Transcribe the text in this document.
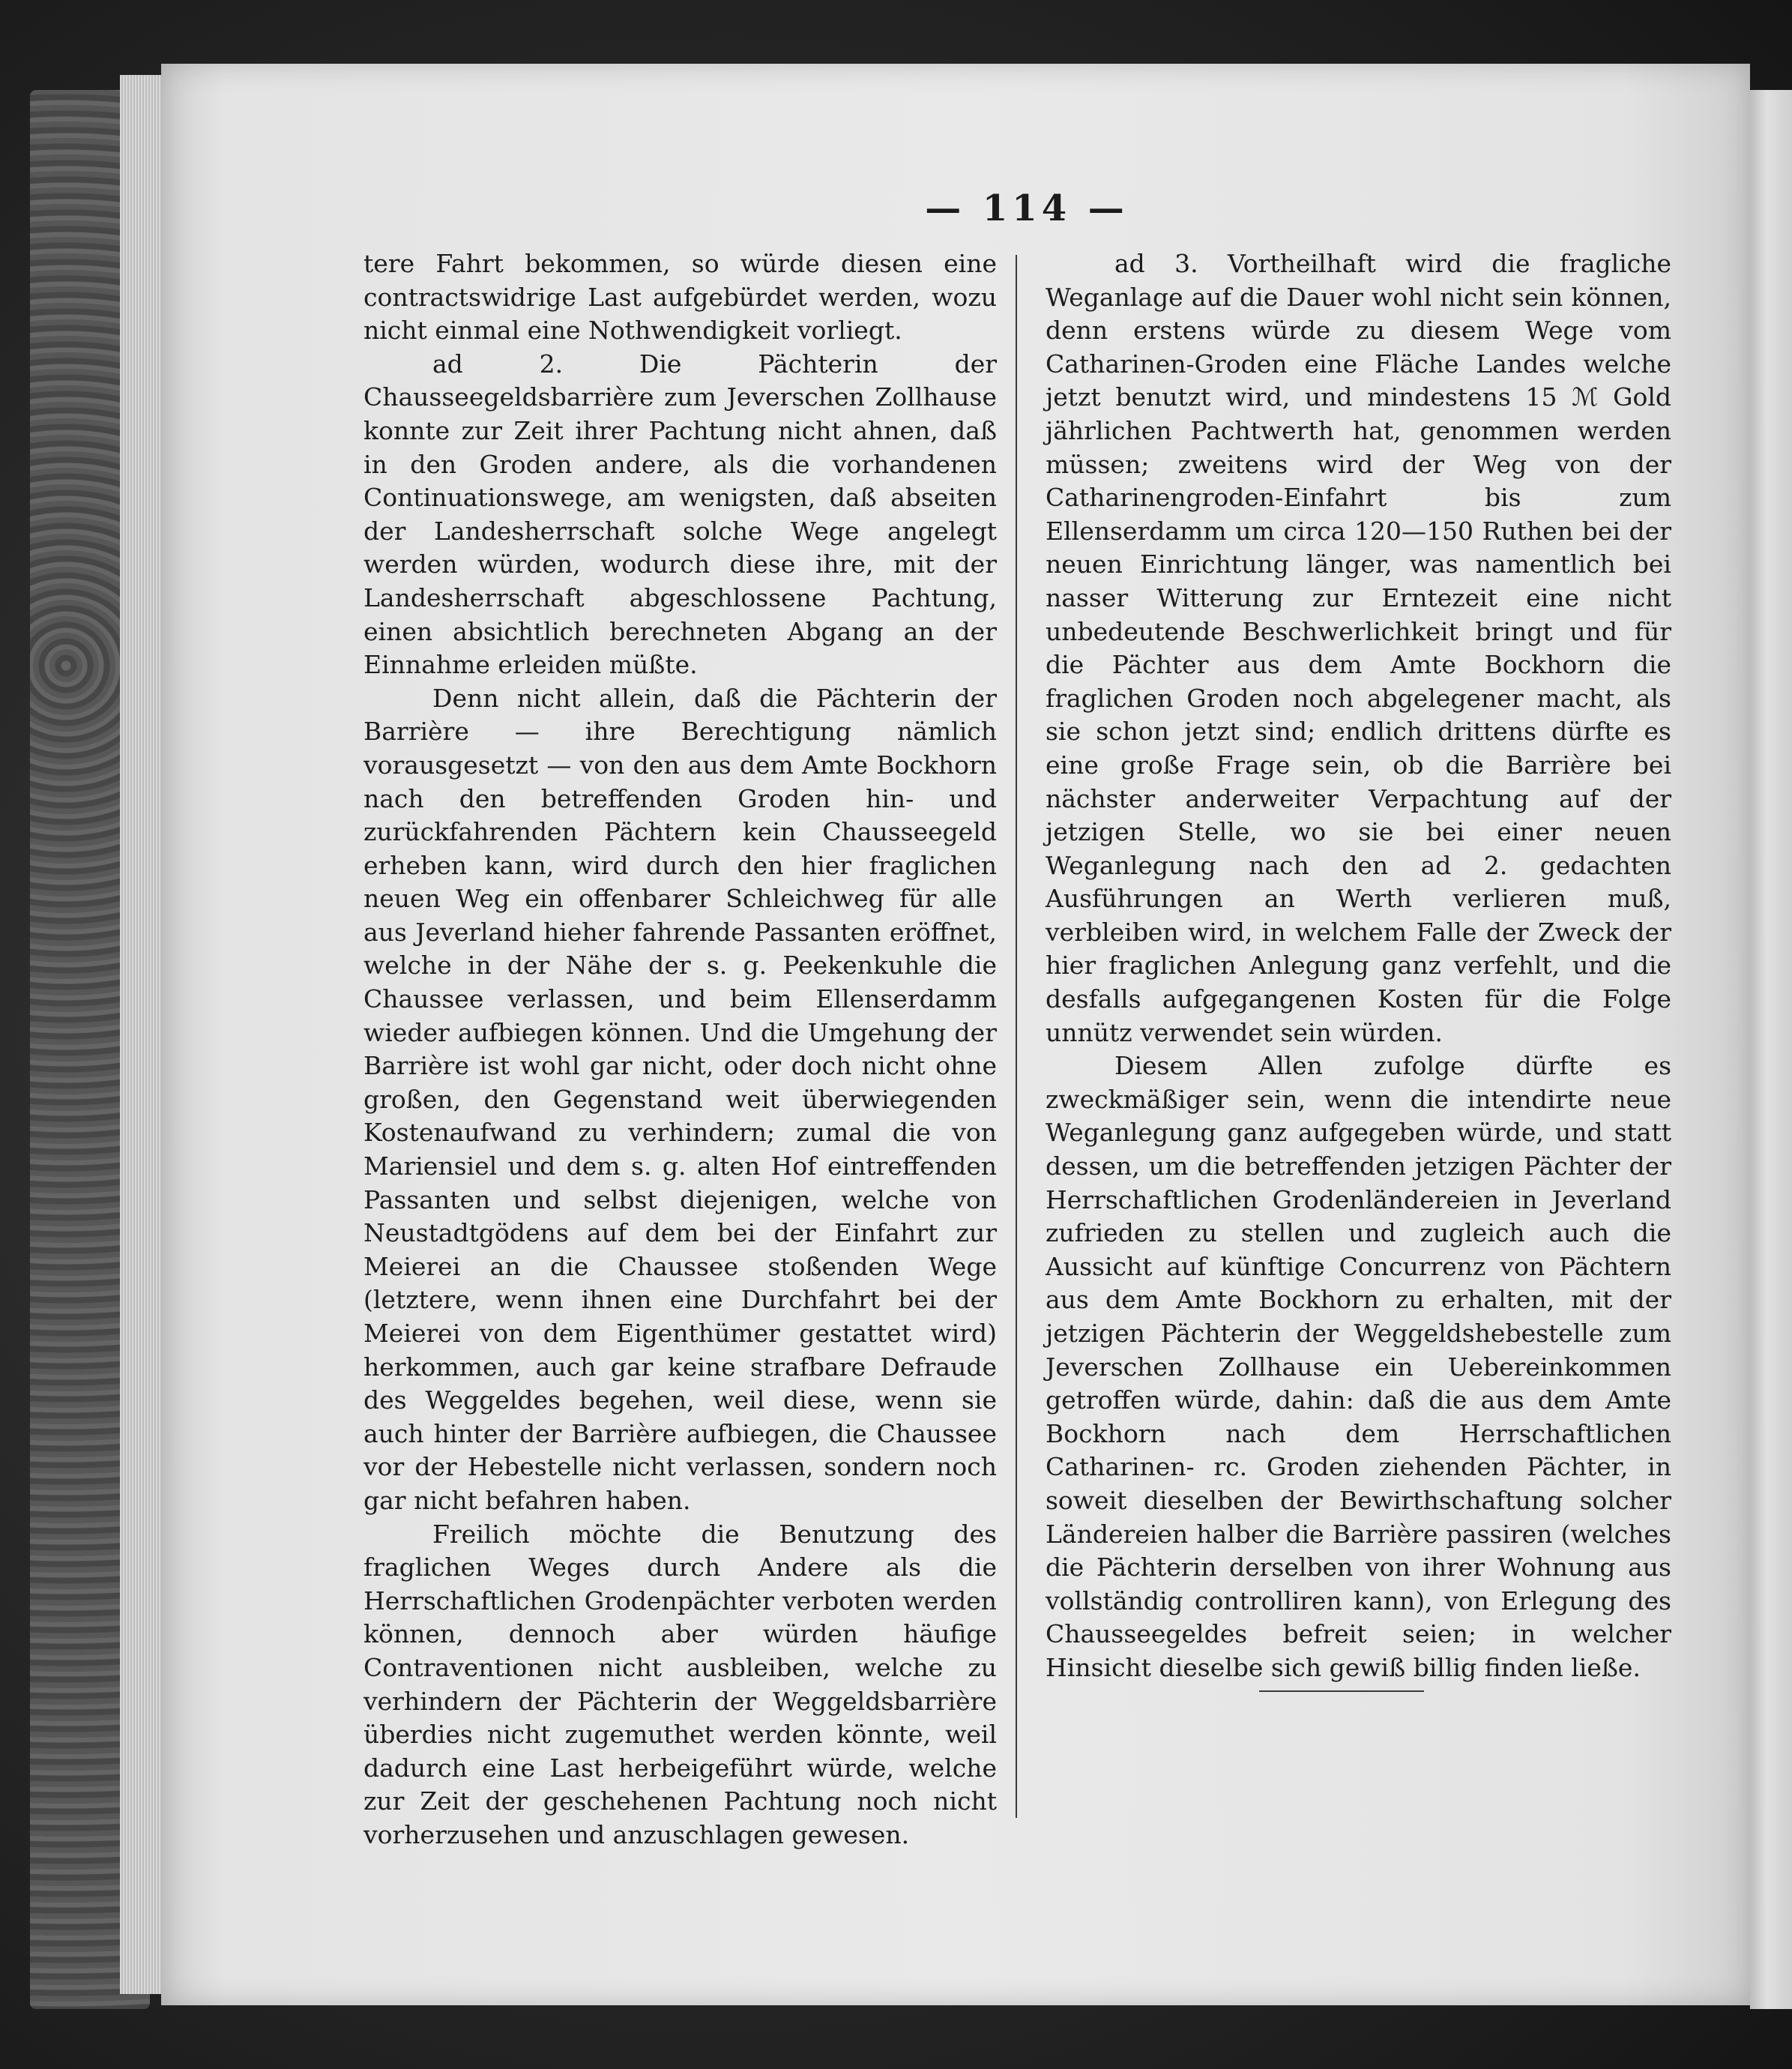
— 114 —

tere Fahrt bekommen, so würde diesen eine contractswidrige Last aufgebürdet werden, wozu nicht einmal eine Nothwendigkeit vorliegt.

ad 2. Die Pächterin der Chausseegeldsbarrière zum Jeverschen Zollhause konnte zur Zeit ihrer Pachtung nicht ahnen, daß in den Groden andere, als die vorhandenen Continuationswege, am wenigsten, daß abseiten der Landesherrschaft solche Wege angelegt werden würden, wodurch diese ihre, mit der Landesherrschaft abgeschlossene Pachtung, einen absichtlich berechneten Abgang an der Einnahme erleiden müßte.

Denn nicht allein, daß die Pächterin der Barrière — ihre Berechtigung nämlich vorausgesetzt — von den aus dem Amte Bockhorn nach den betreffenden Groden hin- und zurückfahrenden Pächtern kein Chausseegeld erheben kann, wird durch den hier fraglichen neuen Weg ein offenbarer Schleichweg für alle aus Jeverland hieher fahrende Passanten eröffnet, welche in der Nähe der s. g. Peekenkuhle die Chaussee verlassen, und beim Ellenserdamm wieder aufbiegen können. Und die Umgehung der Barrière ist wohl gar nicht, oder doch nicht ohne großen, den Gegenstand weit überwiegenden Kostenaufwand zu verhindern; zumal die von Mariensiel und dem s. g. alten Hof eintreffenden Passanten und selbst diejenigen, welche von Neustadtgödens auf dem bei der Einfahrt zur Meierei an die Chaussee stoßenden Wege (letztere, wenn ihnen eine Durchfahrt bei der Meierei von dem Eigenthümer gestattet wird) herkommen, auch gar keine strafbare Defraude des Weggeldes begehen, weil diese, wenn sie auch hinter der Barrière aufbiegen, die Chaussee vor der Hebestelle nicht verlassen, sondern noch gar nicht befahren haben.

Freilich möchte die Benutzung des fraglichen Weges durch Andere als die Herrschaftlichen Grodenpächter verboten werden können, dennoch aber würden häufige Contraventionen nicht ausbleiben, welche zu verhindern der Pächterin der Weggeldsbarrière überdies nicht zugemuthet werden könnte, weil dadurch eine Last herbeigeführt würde, welche zur Zeit der geschehenen Pachtung noch nicht vorherzusehen und anzuschlagen gewesen.

ad 3. Vortheilhaft wird die fragliche Weganlage auf die Dauer wohl nicht sein können, denn erstens würde zu diesem Wege vom Catharinen-Groden eine Fläche Landes welche jetzt benutzt wird, und mindestens 15 ℳ Gold jährlichen Pachtwerth hat, genommen werden müssen; zweitens wird der Weg von der Catharinengroden-Einfahrt bis zum Ellenserdamm um circa 120—150 Ruthen bei der neuen Einrichtung länger, was namentlich bei nasser Witterung zur Erntezeit eine nicht unbedeutende Beschwerlichkeit bringt und für die Pächter aus dem Amte Bockhorn die fraglichen Groden noch abgelegener macht, als sie schon jetzt sind; endlich drittens dürfte es eine große Frage sein, ob die Barrière bei nächster anderweiter Verpachtung auf der jetzigen Stelle, wo sie bei einer neuen Weganlegung nach den ad 2. gedachten Ausführungen an Werth verlieren muß, verbleiben wird, in welchem Falle der Zweck der hier fraglichen Anlegung ganz verfehlt, und die desfalls aufgegangenen Kosten für die Folge unnütz verwendet sein würden.

Diesem Allen zufolge dürfte es zweckmäßiger sein, wenn die intendirte neue Weganlegung ganz aufgegeben würde, und statt dessen, um die betreffenden jetzigen Pächter der Herrschaftlichen Grodenländereien in Jeverland zufrieden zu stellen und zugleich auch die Aussicht auf künftige Concurrenz von Pächtern aus dem Amte Bockhorn zu erhalten, mit der jetzigen Pächterin der Weggeldshebestelle zum Jeverschen Zollhause ein Uebereinkommen getroffen würde, dahin: daß die aus dem Amte Bockhorn nach dem Herrschaftlichen Catharinen- rc. Groden ziehenden Pächter, in soweit dieselben der Bewirthschaftung solcher Ländereien halber die Barrière passiren (welches die Pächterin derselben von ihrer Wohnung aus vollständig controlliren kann), von Erlegung des Chausseegeldes befreit seien; in welcher Hinsicht dieselbe sich gewiß billig finden ließe.
